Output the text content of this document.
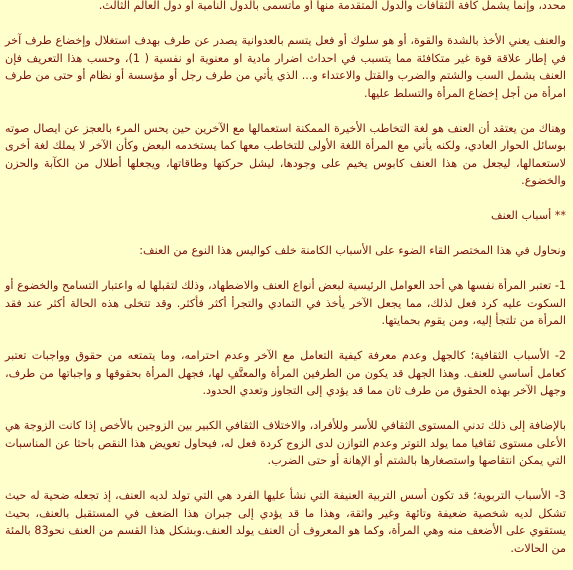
محدد، وإنما يشمل كافة الثقافات والدول المتقدمة منها أو ماتسمى بالدول النامية أو دول العالم الثالث.

والعنف يعني الأخذ بالشدة والقوة، أو هو سلوك أو فعل يتسم بالعدوانية يصدر عن طرف بهدف استغلال وإخضاع طرف آخر في إطار علاقة قوة غير متكافئة مما يتسبب في احداث اضرار مادية او معنوية او نفسية ( 1)، وحسب هذا التعريف فإن العنف يشمل السب والشتم والضرب والقتل والاعتداء و... الذي يأتي من طرف رجل أو مؤسسة أو نظام أو حتى من طرف امرأة من أجل إخضاع المرأة والتسلط عليها.

وهناك من يعتقد أن العنف هو لغة التخاطب الأخيرة الممكنة استعمالها مع الآخرين حين يحس المرء بالعجز عن ايصال صوته بوسائل الحوار العادي، ولكنه يأتي مع المرأة اللغة الأولى للتخاطب معها كما يستخدمه البعض وكأن الآخر لا يملك لغة أخرى لاستعمالها، ليجعل من هذا العنف كابوس يخيم على وجودها، ليشل حركتها وطاقاتها، ويجعلها أطلال من الكآبة والحزن والخضوع.

** أسباب العنف

ونحاول في هذا المختصر القاء الضوء على الأسباب الكامنة خلف كواليس هذا النوع من العنف:

1- تعتبر المرأة نفسها هي أحد العوامل الرئيسية لبعض أنواع العنف والاضطهاد، وذلك لتقبلها له واعتبار التسامح والخضوع أو السكوت عليه كرد فعل لذلك، مما يجعل الآخر يأخذ في التمادي والتجرأ أكثر فأكثر. وقد تتخلى هذه الحالة أكثر عند فقد المرأة من تلتجأ إليه، ومن يقوم بحمايتها.

2- الأسباب الثقافية؛ كالجهل وعدم معرفة كيفية التعامل مع الآخر وعدم احترامه، وما يتمتعه من حقوق وواجبات تعتبر كعامل أساسي للعنف. وهذا الجهل قد يكون من الطرفين المرأة والمعتَّفِ لها، فجهل المرأة بحقوقها و واجباتها من طرف، وجهل الآخر بهذه الحقوق من طرف ثان مما قد يؤدي إلى التجاوز وتعدي الحدود.

بالإضافة إلى ذلك تدني المستوى الثقافي للأسر وللأفراد، والاختلاف الثقافي الكبير بين الزوجين بالأخص إذا كانت الزوجة هي الأعلى مستوى ثقافيا مما يولد التوتر وعدم التوازن لدى الزوج كردة فعل له، فيحاول تعويض هذا النقص باحثا عن المناسبات التي يمكن انتقاصها واستصغارها بالشتم أو الإهانة أو حتى الضرب.

3- الأسباب التربوية؛ قد تكون أسس التربية العنيفة التي نشأ عليها الفرد هي التي تولد لديه العنف، إذ تجعله ضحية له حيث تشكل لديه شخصية ضعيفة وتائهة وغير واثقة، وهذا ما قد يؤدي إلى جبران هذا الضعف في المستقبل بالعنف، بحيث يستقوي على الأضعف منه وهي المرأة، وكما هو المعروف أن العنف يولد العنف.وبشكل هذا القسم من العنف نحو83 بالمئة من الحالات.
